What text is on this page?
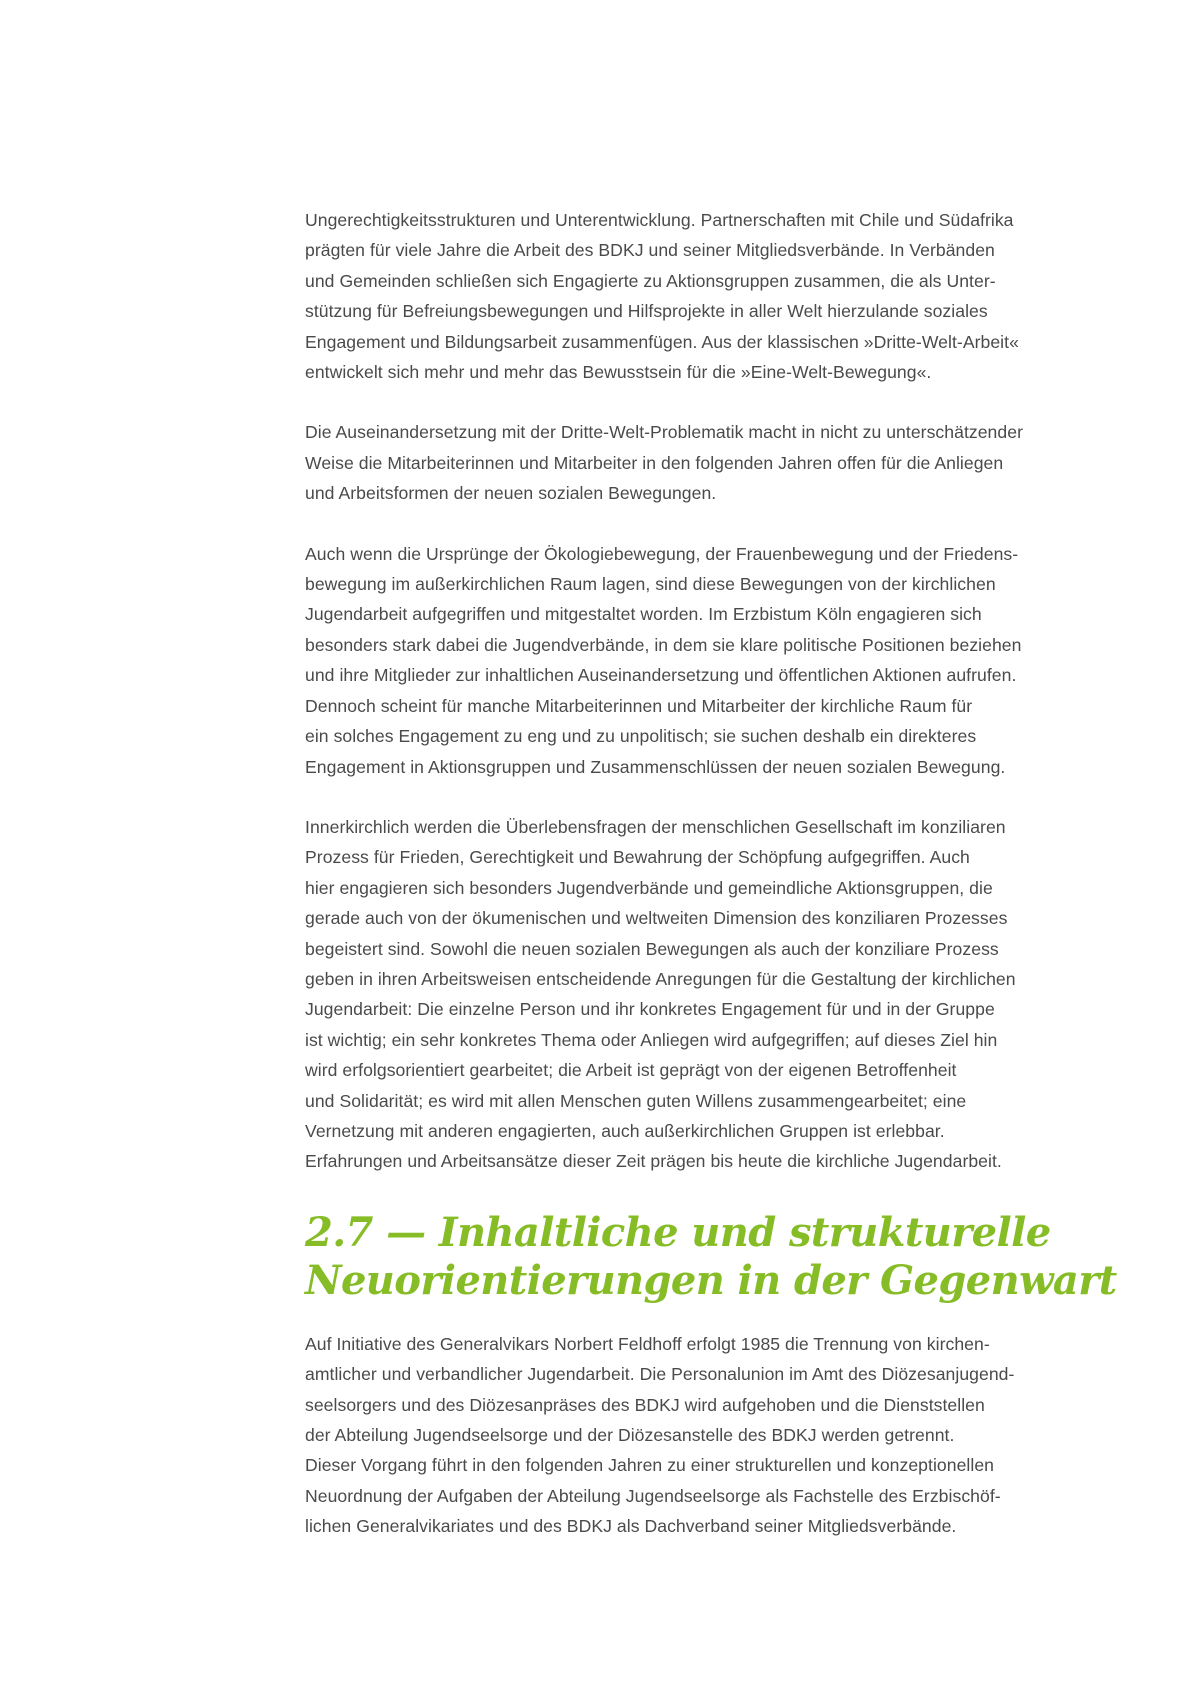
Ungerechtigkeitsstrukturen und Unterentwicklung. Partnerschaften mit Chile und Südafrika
prägten für viele Jahre die Arbeit des BDKJ und seiner Mitgliedsverbände. In Verbänden
und Gemeinden schließen sich Engagierte zu Aktionsgruppen zusammen, die als Unter-
stützung für Befreiungsbewegungen und Hilfsprojekte in aller Welt hierzulande soziales
Engagement und Bildungsarbeit zusammenfügen. Aus der klassischen »Dritte-Welt-Arbeit«
entwickelt sich mehr und mehr das Bewusstsein für die »Eine-Welt-Bewegung«.
Die Auseinandersetzung mit der Dritte-Welt-Problematik macht in nicht zu unterschätzender
Weise die Mitarbeiterinnen und Mitarbeiter in den folgenden Jahren offen für die Anliegen
und Arbeitsformen der neuen sozialen Bewegungen.
Auch wenn die Ursprünge der Ökologiebewegung, der Frauenbewegung und der Friedens-
bewegung im außerkirchlichen Raum lagen, sind diese Bewegungen von der kirchlichen
Jugendarbeit aufgegriffen und mitgestaltet worden. Im Erzbistum Köln engagieren sich
besonders stark dabei die Jugendverbände, in dem sie klare politische Positionen beziehen
und ihre Mitglieder zur inhaltlichen Auseinandersetzung und öffentlichen Aktionen aufrufen.
Dennoch scheint für manche Mitarbeiterinnen und Mitarbeiter der kirchliche Raum für
ein solches Engagement zu eng und zu unpolitisch; sie suchen deshalb ein direkteres
Engagement in Aktionsgruppen und Zusammenschlüssen der neuen sozialen Bewegung.
Innerkirchlich werden die Überlebensfragen der menschlichen Gesellschaft im konziliaren
Prozess für Frieden, Gerechtigkeit und Bewahrung der Schöpfung aufgegriffen. Auch
hier engagieren sich besonders Jugendverbände und gemeindliche Aktionsgruppen, die
gerade auch von der ökumenischen und weltweiten Dimension des konziliaren Prozesses
begeistert sind. Sowohl die neuen sozialen Bewegungen als auch der konziliare Prozess
geben in ihren Arbeitsweisen entscheidende Anregungen für die Gestaltung der kirchlichen
Jugendarbeit: Die einzelne Person und ihr konkretes Engagement für und in der Gruppe
ist wichtig; ein sehr konkretes Thema oder Anliegen wird aufgegriffen; auf dieses Ziel hin
wird erfolgsorientiert gearbeitet; die Arbeit ist geprägt von der eigenen Betroffenheit
und Solidarität; es wird mit allen Menschen guten Willens zusammengearbeitet; eine
Vernetzung mit anderen engagierten, auch außerkirchlichen Gruppen ist erlebbar.
Erfahrungen und Arbeitsansätze dieser Zeit prägen bis heute die kirchliche Jugendarbeit.
2.7 — Inhaltliche und strukturelle
Neuorientierungen in der Gegenwart
Auf Initiative des Generalvikars Norbert Feldhoff erfolgt 1985 die Trennung von kirchen-
amtlicher und verbandlicher Jugendarbeit. Die Personalunion im Amt des Diözesanjugend-
seelsorgers und des Diözesanpräses des BDKJ wird aufgehoben und die Dienststellen
der Abteilung Jugendseelsorge und der Diözesanstelle des BDKJ werden getrennt.
Dieser Vorgang führt in den folgenden Jahren zu einer strukturellen und konzeptionellen
Neuordnung der Aufgaben der Abteilung Jugendseelsorge als Fachstelle des Erzbischöf-
lichen Generalvikariates und des BDKJ als Dachverband seiner Mitgliedsverbände.
